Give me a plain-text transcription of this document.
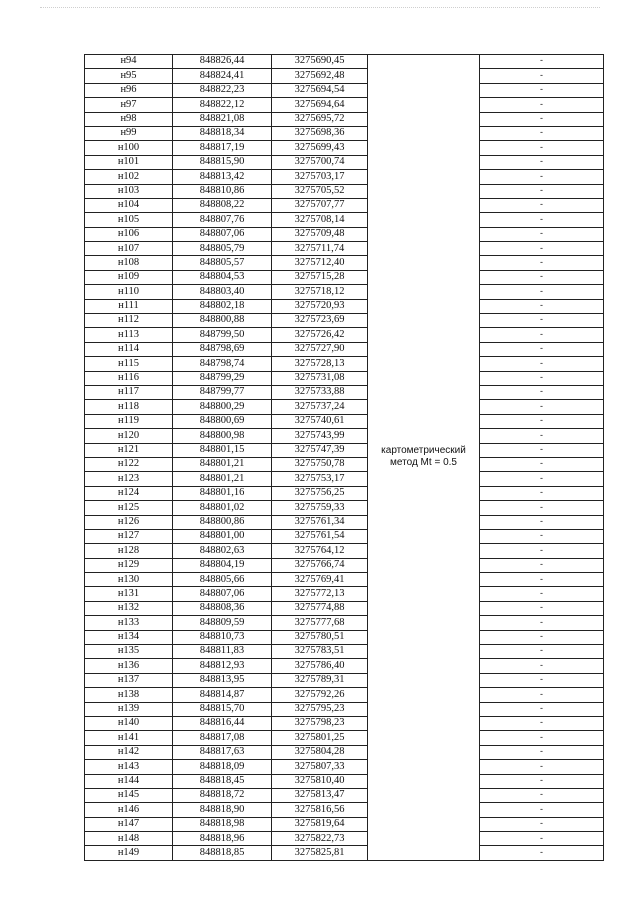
н94	848826,44	3275690,45	картометрический
метод Mt = 0.5	-
н95	848824,41	3275692,48		-
н96	848822,23	3275694,54		-
н97	848822,12	3275694,64		-
н98	848821,08	3275695,72		-
н99	848818,34	3275698,36		-
н100	848817,19	3275699,43		-
н101	848815,90	3275700,74		-
н102	848813,42	3275703,17		-
н103	848810,86	3275705,52		-
н104	848808,22	3275707,77		-
н105	848807,76	3275708,14		-
н106	848807,06	3275709,48		-
н107	848805,79	3275711,74		-
н108	848805,57	3275712,40		-
н109	848804,53	3275715,28		-
н110	848803,40	3275718,12		-
н111	848802,18	3275720,93		-
н112	848800,88	3275723,69		-
н113	848799,50	3275726,42		-
н114	848798,69	3275727,90		-
н115	848798,74	3275728,13		-
н116	848799,29	3275731,08		-
н117	848799,77	3275733,88		-
н118	848800,29	3275737,24		-
н119	848800,69	3275740,61		-
н120	848800,98	3275743,99		-
н121	848801,15	3275747,39		-
н122	848801,21	3275750,78		-
н123	848801,21	3275753,17		-
н124	848801,16	3275756,25		-
н125	848801,02	3275759,33		-
н126	848800,86	3275761,34		-
н127	848801,00	3275761,54		-
н128	848802,63	3275764,12		-
н129	848804,19	3275766,74		-
н130	848805,66	3275769,41		-
н131	848807,06	3275772,13		-
н132	848808,36	3275774,88		-
н133	848809,59	3275777,68		-
н134	848810,73	3275780,51		-
н135	848811,83	3275783,51		-
н136	848812,93	3275786,40		-
н137	848813,95	3275789,31		-
н138	848814,87	3275792,26		-
н139	848815,70	3275795,23		-
н140	848816,44	3275798,23		-
н141	848817,08	3275801,25		-
н142	848817,63	3275804,28		-
н143	848818,09	3275807,33		-
н144	848818,45	3275810,40		-
н145	848818,72	3275813,47		-
н146	848818,90	3275816,56		-
н147	848818,98	3275819,64		-
н148	848818,96	3275822,73		-
н149	848818,85	3275825,81		-
